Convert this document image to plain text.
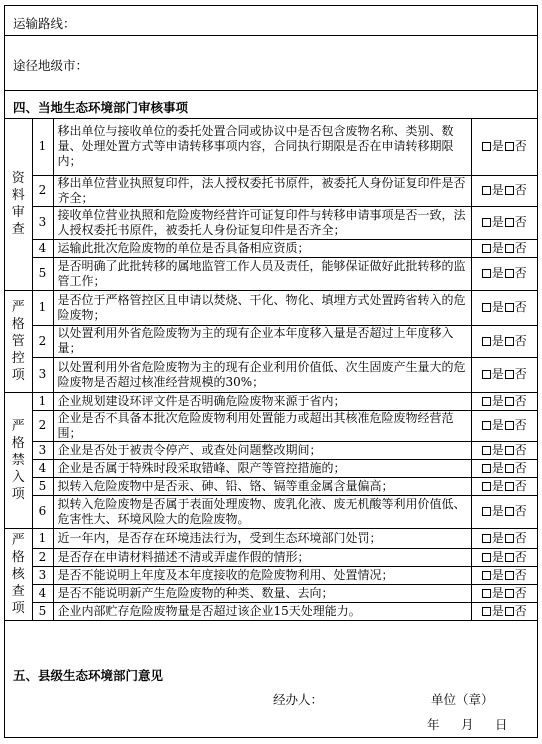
运输路线：
途径地级市：
四、当地生态环境部门审核事项
资料审查	1	移出单位与接收单位的委托处置合同或协议中是否包含废物名称、类别、数量、处理处置方式等申请转移事项内容，合同执行期限是否在申请转移期限内；	是 否
	2	移出单位营业执照复印件，法人授权委托书原件，被委托人身份证复印件是否齐全；	是 否
	3	接收单位营业执照和危险废物经营许可证复印件与转移申请事项是否一致，法人授权委托书原件，被委托人身份证复印件是否齐全；	是 否
	4	运输此批次危险废物的单位是否具备相应资质；	是 否
	5	是否明确了此批转移的属地监管工作人员及责任，能够保证做好此批转移的监管工作；	是 否
严格管控项	1	是否位于严格管控区且申请以焚烧、干化、物化、填埋方式处置跨省转入的危险废物；	是 否
	2	以处置利用外省危险废物为主的现有企业本年度移入量是否超过上年度移入量；	是 否
	3	以处置利用外省危险废物为主的现有企业利用价值低、次生固废产生量大的危险废物是否超过核准经营规模的30%；	是 否
严格禁入项	1	企业规划建设环评文件是否明确危险废物来源于省内；	是 否
	2	企业是否不具备本批次危险废物利用处置能力或超出其核准危险废物经营范围；	是 否
	3	企业是否处于被责令停产、或查处问题整改期间；	是 否
	4	企业是否属于特殊时段采取错峰、限产等管控措施的；	是 否
	5	拟转入危险废物中是否汞、砷、铅、铬、镉等重金属含量偏高；	是 否
	6	拟转入危险废物是否属于表面处理废物、废乳化液、废无机酸等利用价值低、危害性大、环境风险大的危险废物。	是 否
严格核查项	1	近一年内，是否存在环境违法行为，受到生态环境部门处罚；	是 否
	2	是否存在申请材料描述不清或弄虚作假的情形；	是 否
	3	是否不能说明上年度及本年度接收的危险废物利用、处置情况；	是 否
	4	是否不能说明新产生危险废物的种类、数量、去向；	是 否
	5	企业内部贮存危险废物量是否超过该企业15天处理能力。	是 否
五、县级生态环境部门意见
经办人：	单位（章）
年 月 日
